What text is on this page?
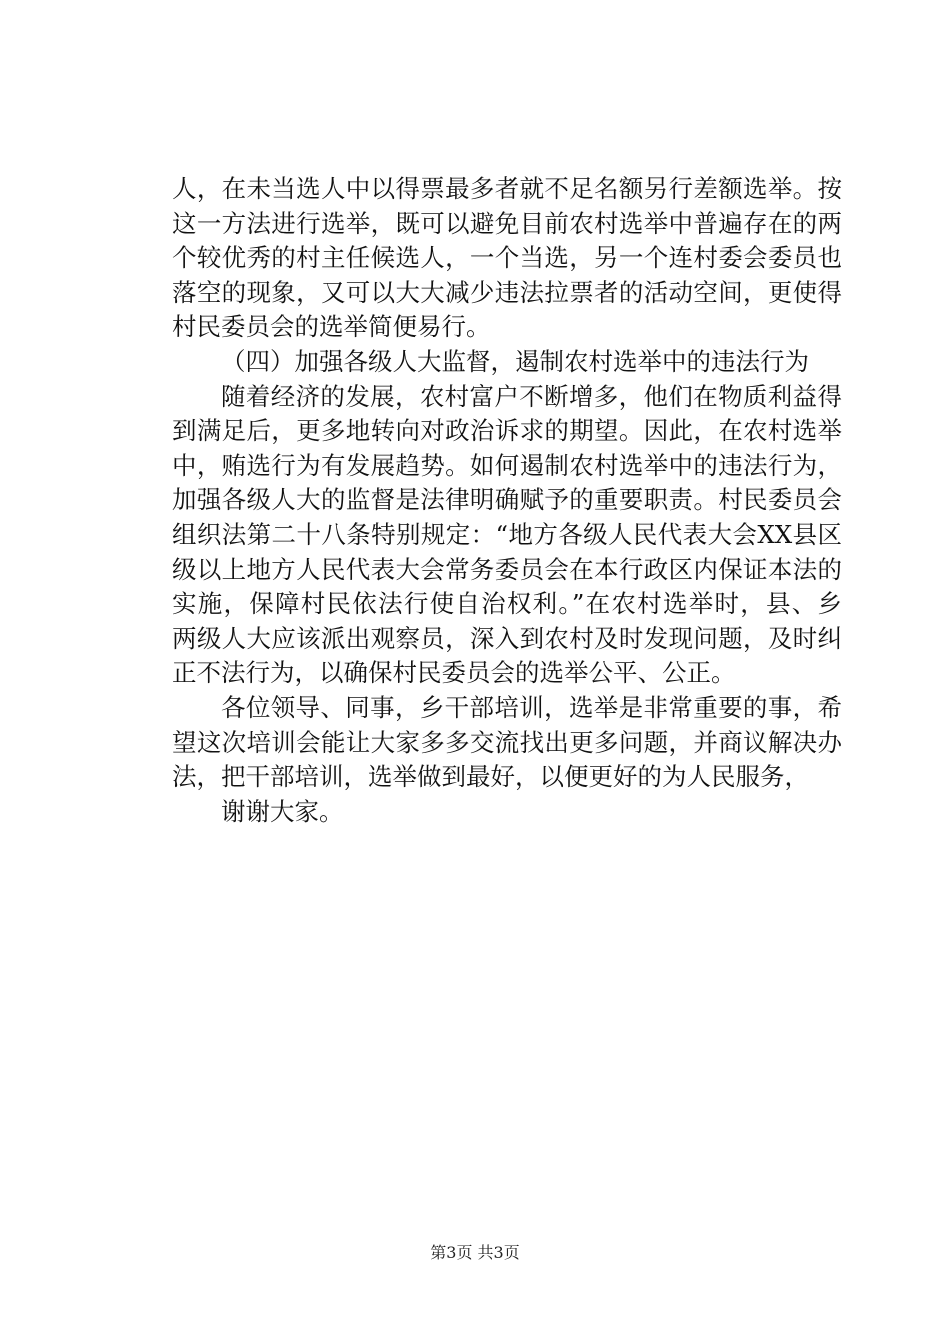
人，在未当选人中以得票最多者就不足名额另行差额选举。按
这一方法进行选举，既可以避免目前农村选举中普遍存在的两
个较优秀的村主任候选人，一个当选，另一个连村委会委员也
落空的现象，又可以大大减少违法拉票者的活动空间，更使得
村民委员会的选举简便易行。
（四）加强各级人大监督，遏制农村选举中的违法行为
随着经济的发展，农村富户不断增多，他们在物质利益得
到满足后，更多地转向对政治诉求的期望。因此，在农村选举
中，贿选行为有发展趋势。如何遏制农村选举中的违法行为，
加强各级人大的监督是法律明确赋予的重要职责。村民委员会
组织法第二十八条特别规定：“地方各级人民代表大会XX县区
级以上地方人民代表大会常务委员会在本行政区内保证本法的
实施，保障村民依法行使自治权利。”在农村选举时，县、乡
两级人大应该派出观察员，深入到农村及时发现问题，及时纠
正不法行为，以确保村民委员会的选举公平、公正。
各位领导、同事，乡干部培训，选举是非常重要的事，希
望这次培训会能让大家多多交流找出更多问题，并商议解决办
法，把干部培训，选举做到最好，以便更好的为人民服务，
谢谢大家。
第3页 共3页
